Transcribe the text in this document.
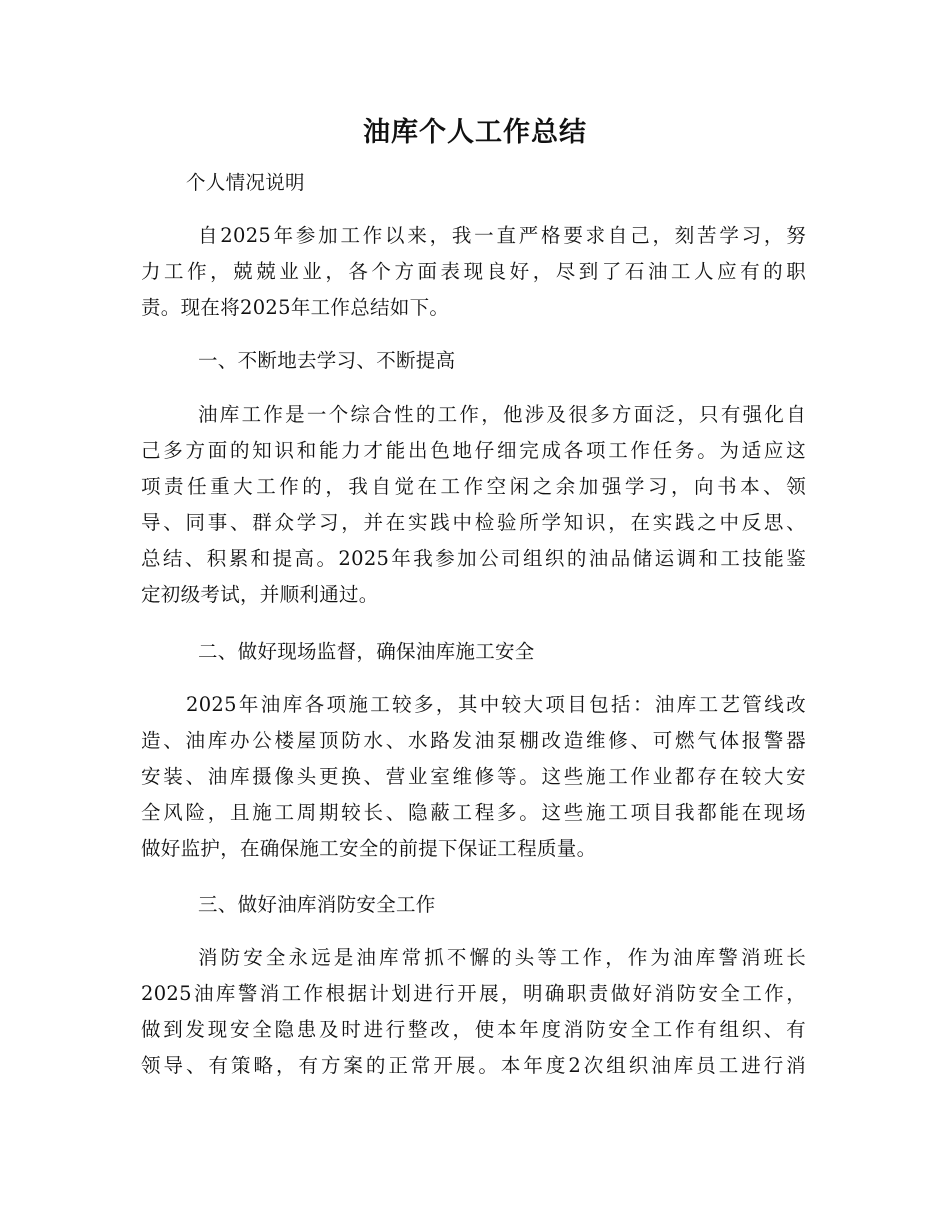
油库个人工作总结

个人情况说明

自2025年参加工作以来，我一直严格要求自己，刻苦学习，努

力工作，兢兢业业，各个方面表现良好，尽到了石油工人应有的职

责。现在将2025年工作总结如下。

一、不断地去学习、不断提高

油库工作是一个综合性的工作，他涉及很多方面泛，只有强化自

己多方面的知识和能力才能出色地仔细完成各项工作任务。为适应这

项责任重大工作的，我自觉在工作空闲之余加强学习，向书本、领

导、同事、群众学习，并在实践中检验所学知识，在实践之中反思、

总结、积累和提高。2025年我参加公司组织的油品储运调和工技能鉴

定初级考试，并顺利通过。

二、做好现场监督，确保油库施工安全

2025年油库各项施工较多，其中较大项目包括：油库工艺管线改

造、油库办公楼屋顶防水、水路发油泵棚改造维修、可燃气体报警器

安装、油库摄像头更换、营业室维修等。这些施工作业都存在较大安

全风险，且施工周期较长、隐蔽工程多。这些施工项目我都能在现场

做好监护，在确保施工安全的前提下保证工程质量。

三、做好油库消防安全工作

消防安全永远是油库常抓不懈的头等工作，作为油库警消班长

2025油库警消工作根据计划进行开展，明确职责做好消防安全工作，

做到发现安全隐患及时进行整改，使本年度消防安全工作有组织、有

领导、有策略，有方案的正常开展。本年度2次组织油库员工进行消
